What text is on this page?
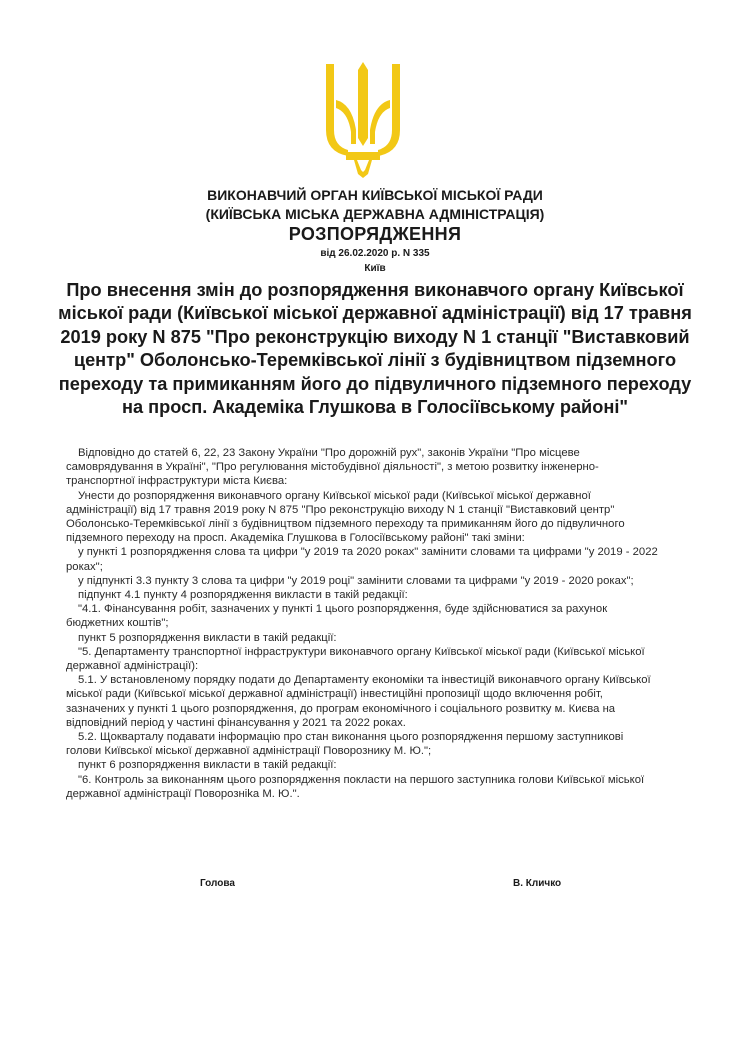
ВИКОНАВЧИЙ ОРГАН КИЇВСЬКОЇ МІСЬКОЇ РАДИ
(КИЇВСЬКА МІСЬКА ДЕРЖАВНА АДМІНІСТРАЦІЯ)
РОЗПОРЯДЖЕННЯ
від 26.02.2020 р. N 335
Київ
Про внесення змін до розпорядження виконавчого органу Київської міської ради (Київської міської державної адміністрації) від 17 травня 2019 року N 875 "Про реконструкцію виходу N 1 станції "Виставковий центр" Оболонсько-Теремківської лінії з будівництвом підземного переходу та примиканням його до підвуличного підземного переходу на просп. Академіка Глушкова в Голосіївському районі"

Відповідно до статей 6, 22, 23 Закону України "Про дорожній рух", законів України "Про місцеве самоврядування в Україні", "Про регулювання містобудівної діяльності", з метою розвитку інженерно-транспортної інфраструктури міста Києва:

Унести до розпорядження виконавчого органу Київської міської ради (Київської міської державної адміністрації) від 17 травня 2019 року N 875 "Про реконструкцію виходу N 1 станції "Виставковий центр" Оболонсько-Теремківської лінії з будівництвом підземного переходу та примиканням його до підвуличного підземного переходу на просп. Академіка Глушкова в Голосіївському районі" такі зміни:

у пункті 1 розпорядження слова та цифри "у 2019 та 2020 роках" замінити словами та цифрами "у 2019 - 2022 роках";

у підпункті 3.3 пункту 3 слова та цифри "у 2019 році" замінити словами та цифрами "у 2019 - 2020 роках";

підпункт 4.1 пункту 4 розпорядження викласти в такій редакції:

"4.1. Фінансування робіт, зазначених у пункті 1 цього розпорядження, буде здійснюватися за рахунок бюджетних коштів";

пункт 5 розпорядження викласти в такій редакції:

"5. Департаменту транспортної інфраструктури виконавчого органу Київської міської ради (Київської міської державної адміністрації):

5.1. У встановленому порядку подати до Департаменту економіки та інвестицій виконавчого органу Київської міської ради (Київської міської державної адміністрації) інвестиційні пропозиції щодо включення робіт, зазначених у пункті 1 цього розпорядження, до програм економічного і соціального розвитку м. Києва на відповідний період у частині фінансування у 2021 та 2022 роках.

5.2. Щокварталу подавати інформацію про стан виконання цього розпорядження першому заступникові голови Київської міської державної адміністрації Поворознику М. Ю.";

пункт 6 розпорядження викласти в такій редакції:

"6. Контроль за виконанням цього розпорядження покласти на першого заступника голови Київської міської державної адміністрації Поворознika М. Ю.".

Голова	В. Кличко
